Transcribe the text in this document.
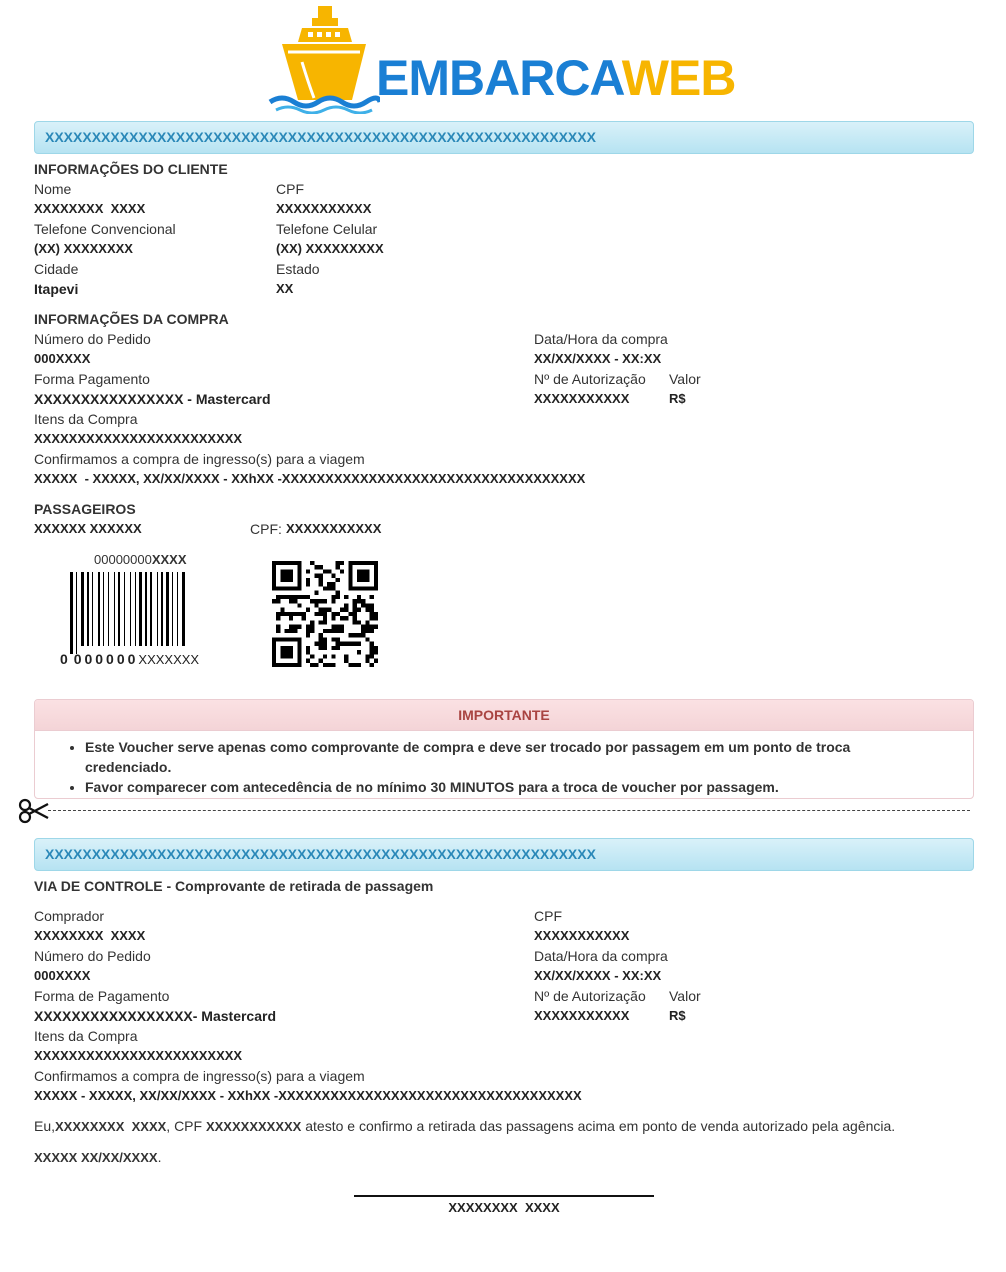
EMBARCAWEB
XXXXXXXXXXXXXXXXXXXXXXXXXXXXXXXXXXXXXXXXXXXXXXXXXXXXXXXXXXX
INFORMAÇÕES DO CLIENTE
Nome
XXXXXXXX  XXXX
CPF
XXXXXXXXXXX
Telefone Convencional
(XX) XXXXXXXX
Telefone Celular
(XX) XXXXXXXXX
Cidade
Itapevi
Estado
XX
INFORMAÇÕES DA COMPRA
Número do Pedido
000XXXX
Data/Hora da compra
XX/XX/XXXX - XX:XX
Forma Pagamento
XXXXXXXXXXXXXXXX - Mastercard
Nº de Autorização
XXXXXXXXXXX
Valor
R$
Itens da Compra
XXXXXXXXXXXXXXXXXXXXXXXX
Confirmamos a compra de ingresso(s) para a viagem
XXXXX  - XXXXX, XX/XX/XXXX - XXhXX -XXXXXXXXXXXXXXXXXXXXXXXXXXXXXXXXXXX
PASSAGEIROS
XXXXXX XXXXXX	CPF: XXXXXXXXXXX
00000000XXXX
0 000000XXXXXXX
IMPORTANTE
• Este Voucher serve apenas como comprovante de compra e deve ser trocado por passagem em um ponto de troca credenciado.
• Favor comparecer com antecedência de no mínimo 30 MINUTOS para a troca de voucher por passagem.
XXXXXXXXXXXXXXXXXXXXXXXXXXXXXXXXXXXXXXXXXXXXXXXXXXXXXXXXXXX
VIA DE CONTROLE - Comprovante de retirada de passagem
Comprador
XXXXXXXX  XXXX
CPF
XXXXXXXXXXX
Número do Pedido
000XXXX
Data/Hora da compra
XX/XX/XXXX - XX:XX
Forma de Pagamento
XXXXXXXXXXXXXXXXX- Mastercard
Nº de Autorização
XXXXXXXXXXX
Valor
R$
Itens da Compra
XXXXXXXXXXXXXXXXXXXXXXXX
Confirmamos a compra de ingresso(s) para a viagem
XXXXX - XXXXX, XX/XX/XXXX - XXhXX -XXXXXXXXXXXXXXXXXXXXXXXXXXXXXXXXXXX
Eu,XXXXXXXX  XXXX, CPF XXXXXXXXXXX atesto e confirmo a retirada das passagens acima em ponto de venda autorizado pela agência.
XXXXX XX/XX/XXXX.
XXXXXXXX  XXXX
